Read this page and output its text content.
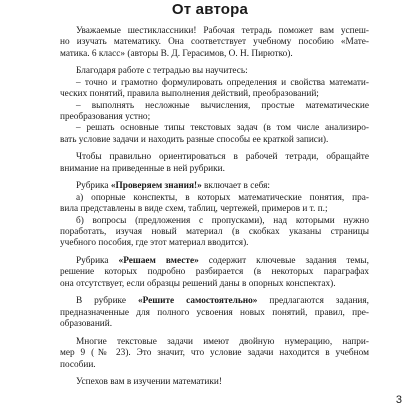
От автора
Уважаемые шестиклассники! Рабочая тетрадь поможет вам успеш-
но изучать математику. Она соответствует учебному пособию «Мате-
матика. 6 класс» (авторы В. Д. Герасимов, О. Н. Пирютко).
Благодаря работе с тетрадью вы научитесь:
– точно и грамотно формулировать определения и свойства математи-
ческих понятий, правила выполнения действий, преобразований;
– выполнять несложные вычисления, простые математические
преобразования устно;
– решать основные типы текстовых задач (в том числе анализиро-
вать условие задачи и находить разные способы ее краткой записи).
Чтобы правильно ориентироваться в рабочей тетради, обращайте
внимание на приведенные в ней рубрики.
Рубрика «Проверяем знания!» включает в себя:
а) опорные конспекты, в которых математические понятия, пра-
вила представлены в виде схем, таблиц, чертежей, примеров и т. п.;
б) вопросы (предложения с пропусками), над которыми нужно
поработать, изучая новый материал (в скобках указаны страницы
учебного пособия, где этот материал вводится).
Рубрика «Решаем вместе» содержит ключевые задания темы,
решение которых подробно разбирается (в некоторых параграфах
она отсутствует, если образцы решений даны в опорных конспектах).
В рубрике «Решите самостоятельно» предлагаются задания,
предназначенные для полного усвоения новых понятий, правил, пре-
образований.
Многие текстовые задачи имеют двойную нумерацию, напри-
мер 9 (№ 23). Это значит, что условие задачи находится в учебном
пособии.
Успехов вам в изучении математики!
3
